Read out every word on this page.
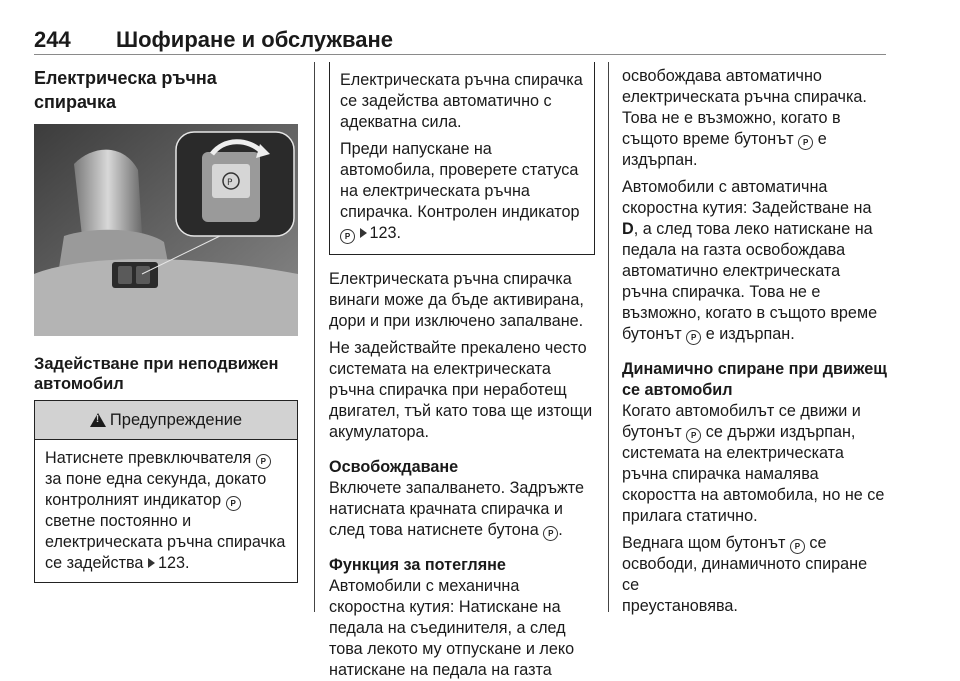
244 Шофиране и обслужване
Електрическа ръчна спирачка
P
Задействане при неподвижен автомобил
!
Предупреждение

Натиснете превключвателя P

за поне една секунда, докато

контролният индикатор P

светне постоянно и

електрическата ръчна спирачка

се задейства 123.

Електрическата ръчна спирачка

се задейства автоматично с

адекватна сила.

Преди напускане на

автомобила, проверете статуса

на електрическата ръчна

спирачка. Контролен индикатор

P 123.

Електрическата ръчна спирачка

винаги може да бъде активирана,

дори и при изключено запалване.

Не задействайте прекалено често

системата на електрическата

ръчна спирачка при неработещ

двигател, тъй като това ще изтощи

акумулатора.

Освобождаване

Включете запалването. Задръжте

натисната крачната спирачка и

след това натиснете бутона P .

Функция за потегляне

Автомобили с механична

скоростна кутия: Натискане на

педала на съединителя, а след

това лекото му отпускане и леко

натискане на педала на газта

освобождава автоматично

електрическата ръчна спирачка.

Това не е възможно, когато в

същото време бутонът P е

издърпан.

Автомобили с автоматична

скоростна кутия: Задействане на

D, а след това леко натискане на

педала на газта освобождава

автоматично електрическата

ръчна спирачка. Това не е

възможно, когато в същото време

бутонът P е издърпан.

Динамично спиране при движещ се автомобил

Когато автомобилът се движи и

бутонът P се държи издърпан,

системата на електрическата

ръчна спирачка намалява

скоростта на автомобила, но не се

прилага статично.

Веднага щом бутонът P се

освободи, динамичното спиране се

преустановява.
